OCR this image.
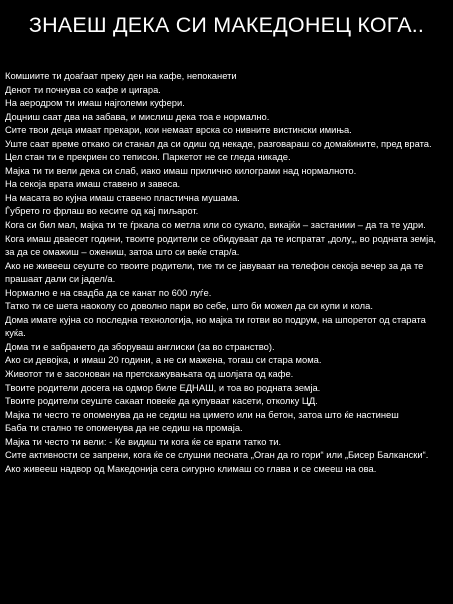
ЗНАЕШ ДЕКА СИ МАКЕДОНЕЦ КОГА..
Комшиите ти доаѓаат преку ден на кафе, непоканети
Денот ти почнува со кафе и цигара.
На аеродром ти имаш најголеми куфери.
Доцниш саат два на забава, и мислиш дека тоа е нормално.
Сите твои деца имаат прекари, кои немаат врска со нивните вистински имиња.
Уште саат време откако си станал да си одиш од некаде, разговараш со домаќините, пред врата.
Цел стан ти е прекриен со теписон. Паркетот не се гледа никаде.
Мајка ти ти вели дека си слаб, иако имаш прилично килограми над нормалното.
На секоја врата имаш ставено и завеса.
На масата во кујна имаш ставено пластична мушама.
Ѓубрето го фрлаш во кесите од кај пиљарот.
Кога си бил мал, мајка ти те ѓркала со метла или со сукало, викајќи – застаниии – да та те удри.
Кога имаш дваесет години, твоите родители се обидуваат да те испратат „долу„, во родната земја, за да се омажиш – ожениш, затоа што си веќе стар/а.
Ако не живееш сеуште со твоите родители, тие ти се јавуваат на телефон секоја вечер за да те прашаат дали си јадел/а.
Нормално е на свадба да се канат по 600 луѓе.
Татко ти се шета наоколу со доволно пари во себе, што би можел да си купи и кола.
Дома имате кујна со последна технологија, но мајка ти готви во подрум, на шпоретот од старата куќа.
Дома ти е забрането да зборуваш англиски (за во странство).
Ако си девојка, и имаш 20 години, а не си мажена, тогаш си стара мома.
Животот ти е засонован на претскажувањата од шолјата од кафе.
Твоите родители досега на одмор биле ЕДНАШ, и тоа во родната земја.
Твоите родители сеуште сакаат повеќе да купуваат касети, отколку ЦД.
Мајка ти често те опоменува да не седиш на цимето или на бетон, затоа што ќе настинеш
Баба ти стално те опоменува да не седиш на промаја.
Мајка ти често ти вели: - Ке видиш ти кога ќе се врати татко ти.
Сите активности се запрени, кога ќе се слушни песната „Оган да го гори“ или „Бисер Балкански“.
Ако живееш надвор од Македонија сега сигурно климаш со глава и се смееш на ова.
